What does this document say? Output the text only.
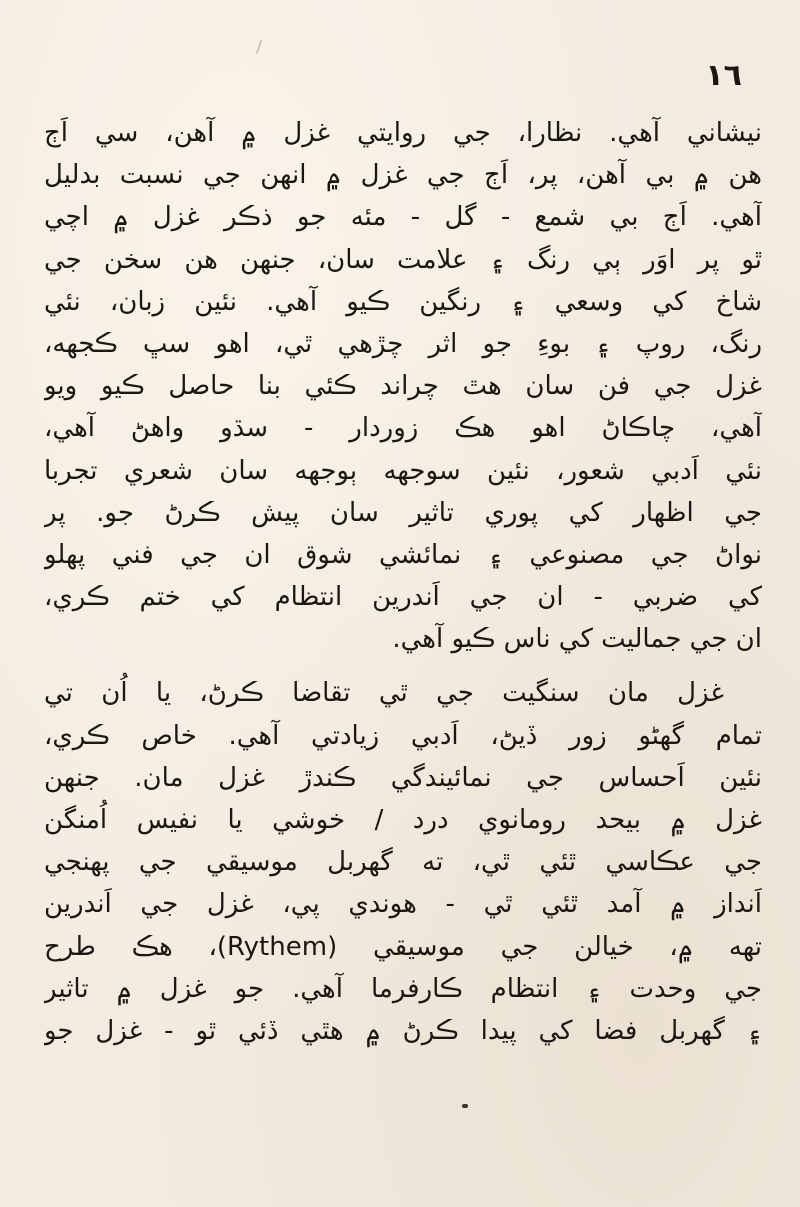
١٦
نيشاني آهي. نظارا، جي روايتي غزل ۾ آهن، سي اَڄ
هن ۾ بي آهن، پر، اَڄ جي غزل ۾ انهن جي نسبت بدليل
آهي. اَڄ بي شمع - گل - مئه جو ذڪر غزل ۾ اچي
ٿو پر اوَر ٻي رنگ ۽ علامت سان، جنهن هن سخن جي
شاخ کي وسعي ۽ رنگين ڪيو آهي. نئين زبان، نئي
رنگ، روپ ۽ بوءِ جو اثر چڙهي ٿي، اهو سڀ ڪجهه،
غزل جي فن سان هٿ چراند ڪئي بنا حاصل ڪيو ويو
آهي، چاڪاڻ اهو هڪ زوردار - سڌو واهڻ آهي،
نئي اَدبي شعور، نئين سوجهه ٻوجهه سان شعري تجربا
جي اظهار کي پوري تاثير سان پيش ڪرڻ جو. پر
نواڻ جي مصنوعي ۽ نمائشي شوق ان جي فني پهلو
کي ضربي - ان جي اَندرين انتظام کي ختم ڪري،
ان جي جماليت کي ناس ڪيو آهي.
غزل مان سنگيت جي ٿي تقاضا ڪرڻ، يا اُن تي
تمام گهڻو زور ڏيڻ، اَدبي زيادتي آهي. خاص ڪري،
نئين اَحساس جي نمائيندگي ڪندڙ غزل مان. جنهن
غزل ۾ بيحد رومانوي درد / خوشي يا نفيس اُمنگن
جي عڪاسي ٿئي ٿي، ته گهربل موسيقي جي پهنجي
اَنداز ۾ آمد ٿئي ٿي - هوندي پي، غزل جي اَندرين
تهه ۾، خيالن جي موسيقي (Rythem)، هڪ طرح
جي وحدت ۽ انتظام ڪارفرما آهي. جو غزل ۾ تاثير
۽ گهربل فضا کي پيدا ڪرڻ ۾ هٿي ڏئي ٿو - غزل جو
